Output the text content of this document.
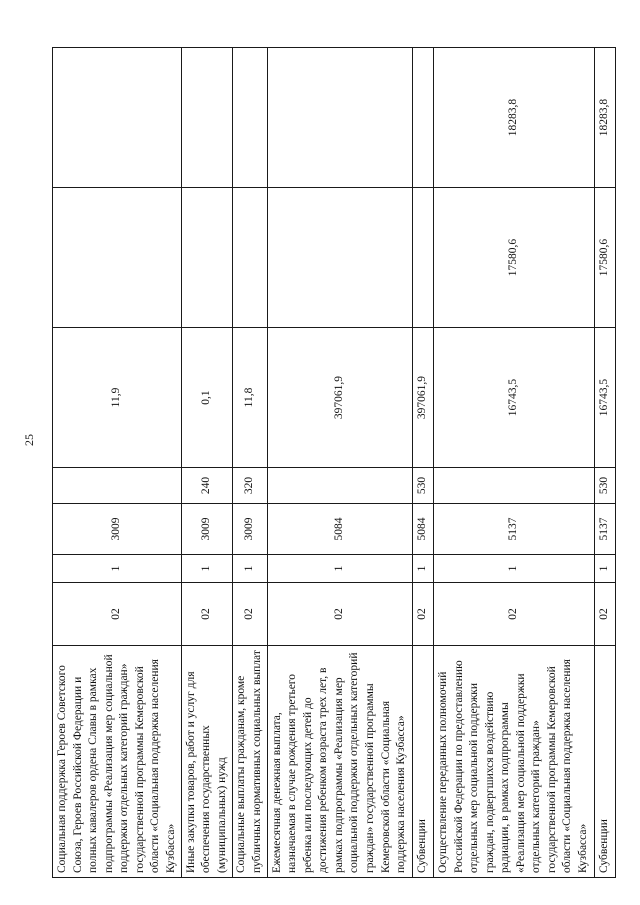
25
Социальная поддержка Героев Советского Союза, Героев Российской Федерации и полных кавалеров ордена Славы в рамках подпрограммы «Реализация мер социальной поддержки отдельных категорий граждан» государственной программы Кемеровской области «Социальная поддержка населения Кузбасса»	02	1	3009		11,9		
Иные закупки товаров, работ и услуг для обеспечения государственных (муниципальных) нужд	02	1	3009	240	0,1		
Социальные выплаты гражданам, кроме публичных нормативных социальных выплат	02	1	3009	320	11,8		
Ежемесячная денежная выплата, назначаемая в случае рождения третьего ребенка или последующих детей до достижения ребенком возраста трех лет, в рамках подпрограммы «Реализация мер социальной поддержки отдельных категорий граждан» государственной программы Кемеровской области «Социальная поддержка населения Кузбасса»	02	1	5084		397061,9		
Субвенции	02	1	5084	530	397061,9		
Осуществление переданных полномочий Российской Федерации по предоставлению отдельных мер социальной поддержки граждан, подвергшихся воздействию радиации, в рамках подпрограммы «Реализация мер социальной поддержки отдельных категорий граждан» государственной программы Кемеровской области «Социальная поддержка населения Кузбасса»	02	1	5137		16743,5	17580,6	18283,8
Субвенции	02	1	5137	530	16743,5	17580,6	18283,8
